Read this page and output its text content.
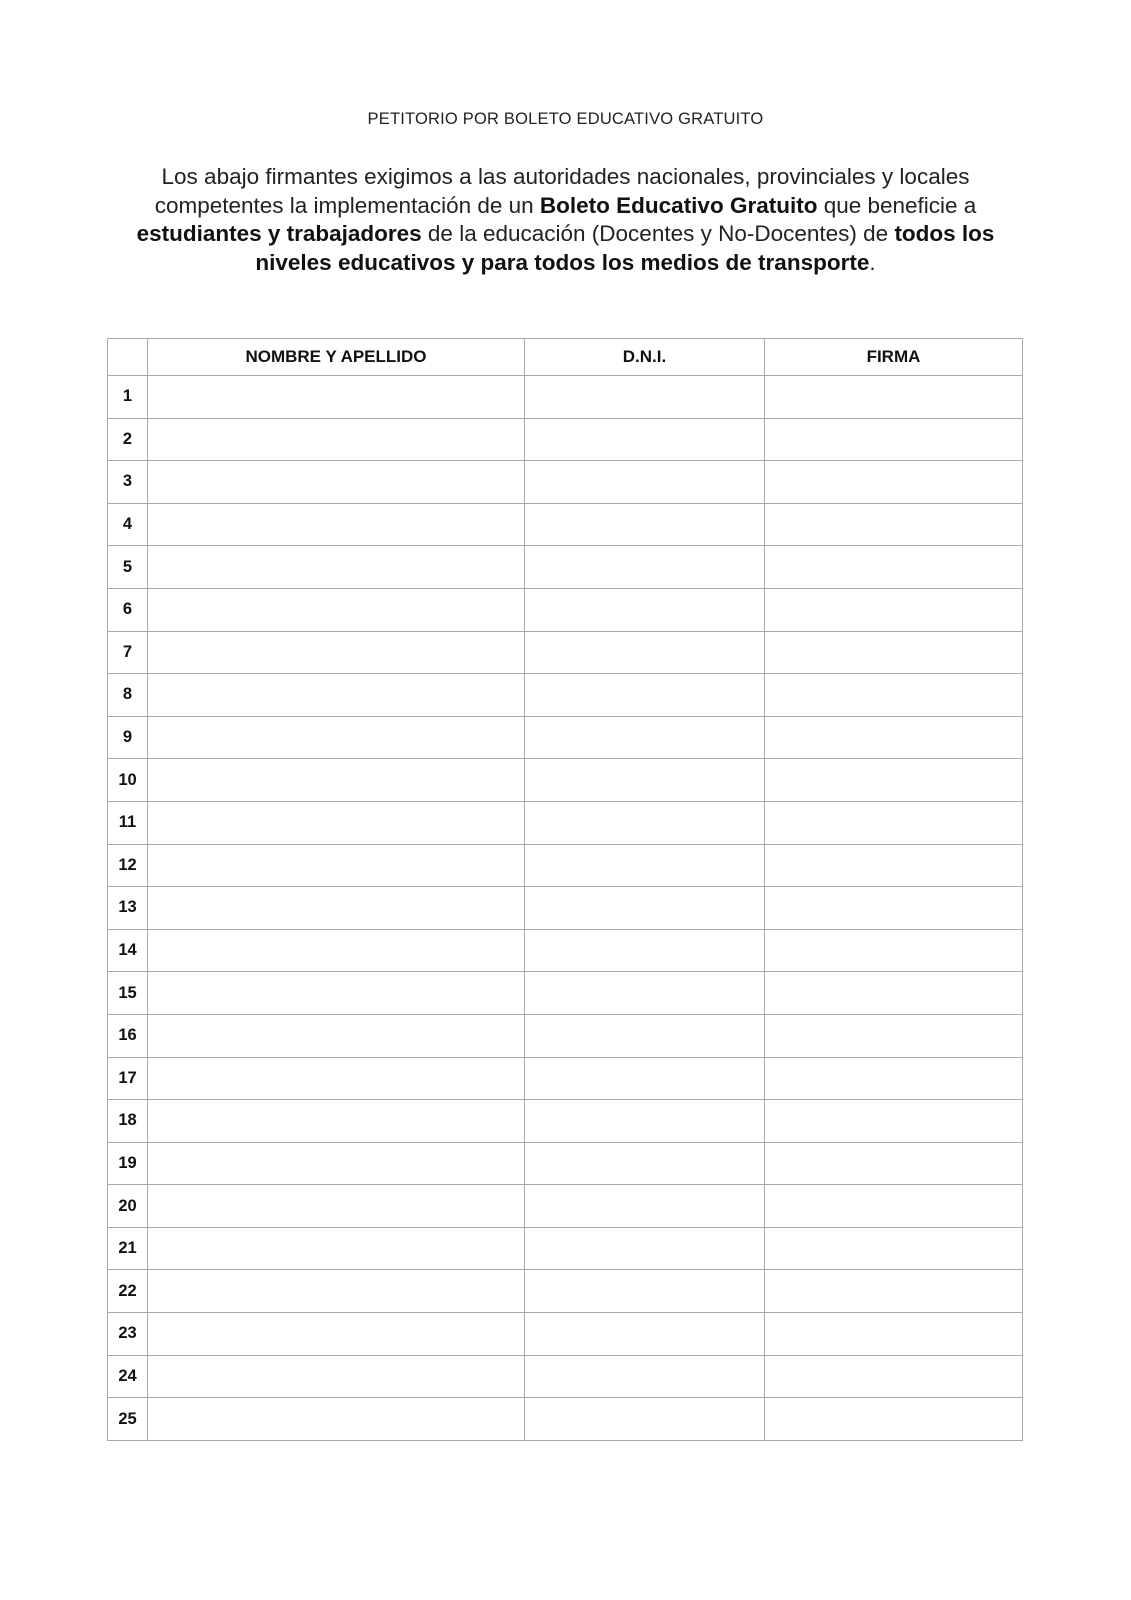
PETITORIO POR BOLETO EDUCATIVO GRATUITO
Los abajo firmantes exigimos a las autoridades nacionales, provinciales y locales competentes la implementación de un Boleto Educativo Gratuito que beneficie a estudiantes y trabajadores de la educación (Docentes y No-Docentes) de todos los niveles educativos y para todos los medios de transporte.
	NOMBRE Y APELLIDO	D.N.I.	FIRMA
1			
2			
3			
4			
5			
6			
7			
8			
9			
10			
11			
12			
13			
14			
15			
16			
17			
18			
19			
20			
21			
22			
23			
24			
25			
